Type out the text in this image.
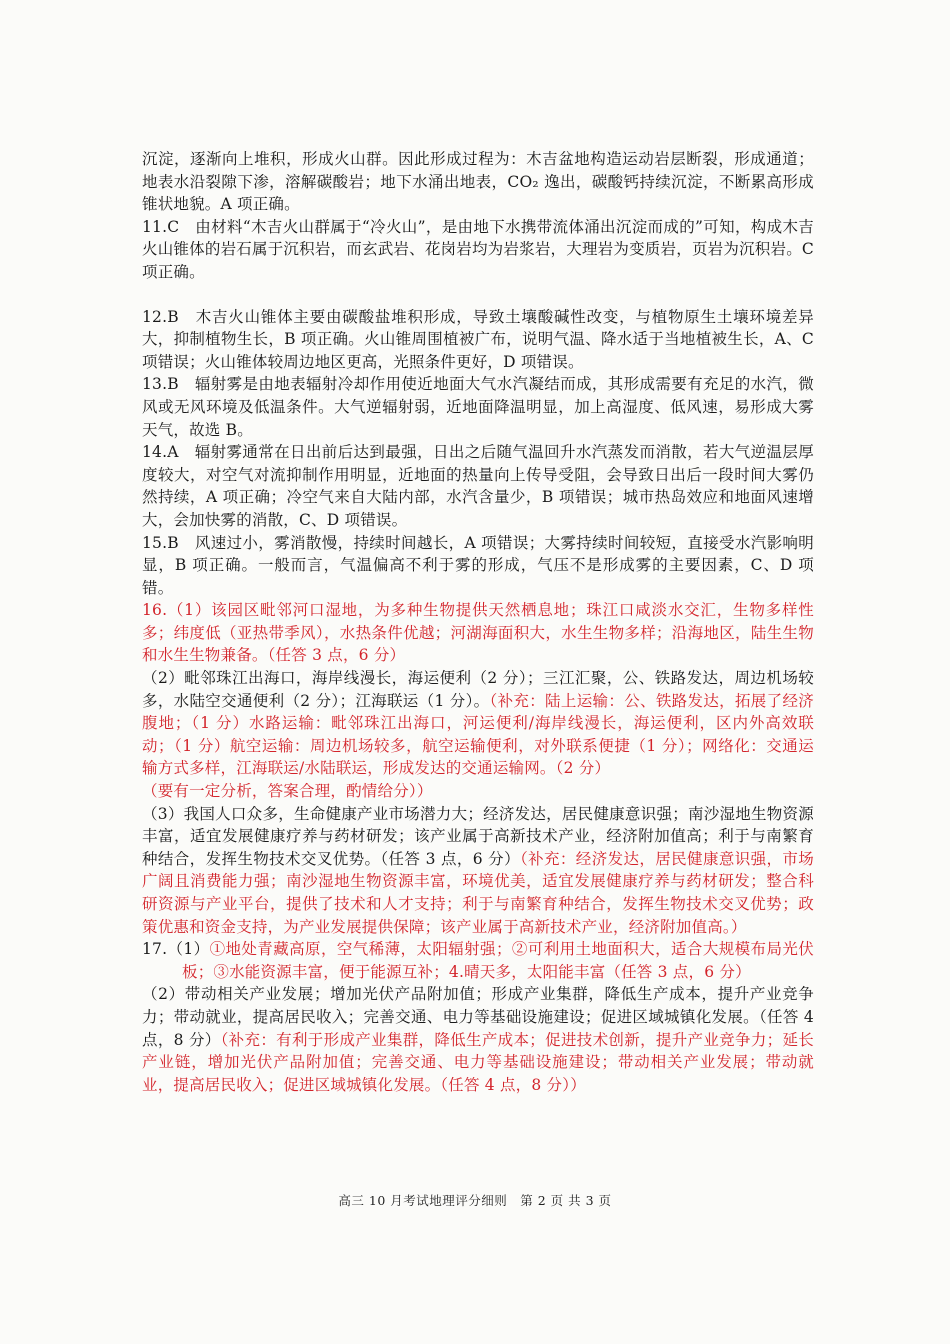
沉淀，逐渐向上堆积，形成火山群。因此形成过程为：木吉盆地构造运动岩层断裂，形成通道；地表水沿裂隙下渗，溶解碳酸岩；地下水涌出地表，CO₂ 逸出，碳酸钙持续沉淀，不断累高形成锥状地貌。A 项正确。

11.C　由材料“木吉火山群属于“冷火山”，是由地下水携带流体涌出沉淀而成的”可知，构成木吉火山锥体的岩石属于沉积岩，而玄武岩、花岗岩均为岩浆岩，大理岩为变质岩，页岩为沉积岩。C 项正确。

12.B　木吉火山锥体主要由碳酸盐堆积形成，导致土壤酸碱性改变，与植物原生土壤环境差异大，抑制植物生长，B 项正确。火山锥周围植被广布，说明气温、降水适于当地植被生长，A、C 项错误；火山锥体较周边地区更高，光照条件更好，D 项错误。

13.B　辐射雾是由地表辐射冷却作用使近地面大气水汽凝结而成，其形成需要有充足的水汽，微风或无风环境及低温条件。大气逆辐射弱，近地面降温明显，加上高湿度、低风速，易形成大雾天气，故选 B。

14.A　辐射雾通常在日出前后达到最强，日出之后随气温回升水汽蒸发而消散，若大气逆温层厚度较大，对空气对流抑制作用明显，近地面的热量向上传导受阻，会导致日出后一段时间大雾仍然持续，A 项正确；冷空气来自大陆内部，水汽含量少，B 项错误；城市热岛效应和地面风速增大，会加快雾的消散，C、D 项错误。

15.B　风速过小，雾消散慢，持续时间越长，A 项错误；大雾持续时间较短，直接受水汽影响明显，B 项正确。一般而言，气温偏高不利于雾的形成，气压不是形成雾的主要因素，C、D 项错。

16.（1）该园区毗邻河口湿地，为多种生物提供天然栖息地；珠江口咸淡水交汇，生物多样性多；纬度低（亚热带季风），水热条件优越；河湖海面积大，水生生物多样；沿海地区，陆生生物和水生生物兼备。（任答 3 点，6 分）

（2）毗邻珠江出海口，海岸线漫长，海运便利（2 分）；三江汇聚，公、铁路发达，周边机场较多，水陆空交通便利（2 分）；江海联运（1 分）。（补充：陆上运输：公、铁路发达，拓展了经济腹地；（1 分）水路运输：毗邻珠江出海口，河运便利/海岸线漫长，海运便利，区内外高效联动；（1 分）航空运输：周边机场较多，航空运输便利，对外联系便捷（1 分）；网络化：交通运输方式多样，江海联运/水陆联运，形成发达的交通运输网。（2 分）

（要有一定分析，答案合理，酌情给分））

（3）我国人口众多，生命健康产业市场潜力大；经济发达，居民健康意识强；南沙湿地生物资源丰富，适宜发展健康疗养与药材研发；该产业属于高新技术产业，经济附加值高；利于与南繁育种结合，发挥生物技术交叉优势。（任答 3 点，6 分）（补充：经济发达，居民健康意识强，市场广阔且消费能力强；南沙湿地生物资源丰富，环境优美，适宜发展健康疗养与药材研发；整合科研资源与产业平台，提供了技术和人才支持；利于与南繁育种结合，发挥生物技术交叉优势；政策优惠和资金支持，为产业发展提供保障；该产业属于高新技术产业，经济附加值高。）

17.（1）①地处青藏高原，空气稀薄，太阳辐射强；②可利用土地面积大，适合大规模布局光伏板；③水能资源丰富，便于能源互补；4.晴天多，太阳能丰富（任答 3 点，6 分）

（2）带动相关产业发展；增加光伏产品附加值；形成产业集群，降低生产成本，提升产业竞争力；带动就业，提高居民收入；完善交通、电力等基础设施建设；促进区域城镇化发展。（任答 4 点，8 分）（补充：有利于形成产业集群，降低生产成本；促进技术创新，提升产业竞争力；延长产业链，增加光伏产品附加值；完善交通、电力等基础设施建设；带动相关产业发展；带动就业，提高居民收入；促进区域城镇化发展。（任答 4 点，8 分））

高三 10 月考试地理评分细则　第 2 页 共 3 页
